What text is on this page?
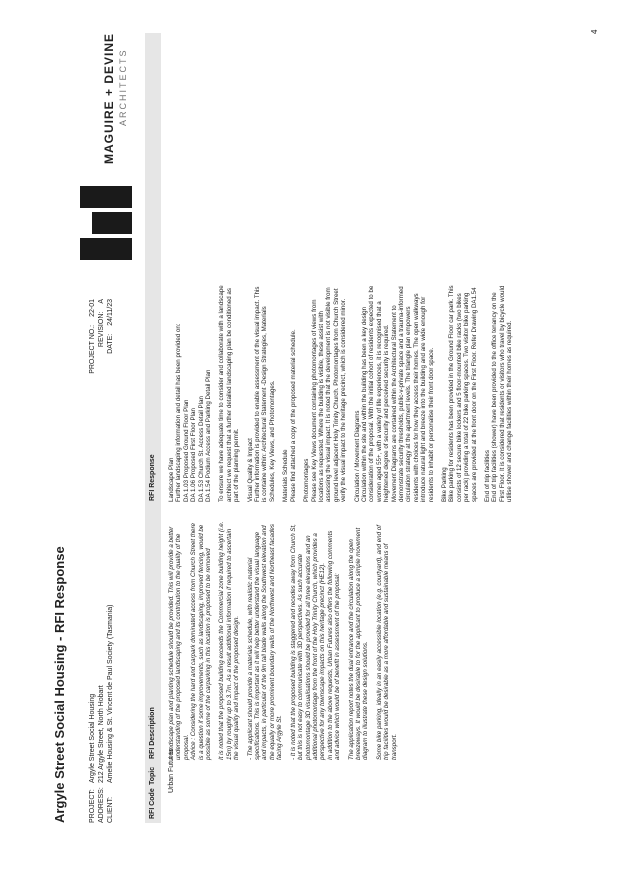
Argyle Street Social Housing - RFI Response	PROJECT:
Argyle Street Social Housing
ADDRESS:
212 Argyle Street, North Hobart
CLIENT:
Amelie Housing & St. Vincent de Paul Society (Tasmania)
PROJECT NO.:
22-01
REVISION:
A
DATE:
24/11/23
MAGUIRE + DEVINE ARCHITECTS
RFI Code
Topic
RFI Description
RFI Response
Urban Futures
A landscape plan and planting schedule should be provided. This will provide a better understanding of the proposed landscaping and its contribution to the quality of the proposal.
Advice : Considering the hard and carpark dominated access from Church Street there is a question if some improvements, such as landscaping, improved fencing, would be possible as some of the carparking in this location is proposed to be removed It is noted that the proposed building exceeds the Commercial zone building height (i.e. 15m) by roughly up to 3.7m. As a result additional information if required to ascertain the visual quality and impact of the proposed design. - The applicant should provide a materials schedule, with realistic material specifications. This is important as it will help better understand the visual language and impacts, in particular of the 9m tall blade walls along the Southwest elevation and the equally or more prominent boundary walls of the Northwest and Northeast facades facing Argyle St. - It is noted that the proposed building is staggered and recedes away from Church St, but this is not easy to communicate with 3D perspectives. As such accurate photomontage 3D visualisations should be provided for all three elevations and an additional photomontage from the front of the Holy Trinity Church, which provides a perspective for any townscape impacts on this heritage precinct (HE12).
In addition to the above requests, Urban Futures also offers the following comments and advice which would be of benefit in assessment of the proposal: The application report notes the dual entrance and the circulation along the open breezeways. It would be desirable to for the applicant to produce a simple movement diagram to illustrate these design solutions. Some bike parking, ideally in an easily accessible location (e.g. courtyard), and end of trip facilities would be desirable as a more affordable and sustainable means of transport.
Landscape Plan
Further landscaping information and detail has been provided on:
DA 1.03 Proposed Ground Floor Plan
DA 1.06 Proposed First Floor Plan
DA 1.53 Church St. Access Detail Plan
DA 1.54 Podium Access and Parking Detail Plan To ensure we have adequate time to consider and collaborate with a landscape architect we request that a further detailed landscaping plan be conditioned as part of the planning permit. Visual Quality & Impact
Further information is provided to enable assessment of the visual impact. This is containe within: Architectural Statement -Design Strategies, Materials Schedules, Key Views, and Photomontages.
Materials Schedule
Please find attached a copy of the proposed material schedule.
Photomontages
Please see Key Views document containing photomontages of views from locations as requested. Where the building is visible, these assist with assessing the visual impact. It is noted that the development is not visible from ground level adjacent Holy Trinity Church. Photomontages from Church Street verify the visual impact to the heritage precinct, which is considered minor.
Circulation / Movement Diagrams
Circulation within the site and within the building has been a key design consideration of the proposal. With the initial cohort of residents expected to be women aged 55+, with a variety of life experiences, it is recognised that a heightened degree of security and perceived security is required.
Movement Diagrams are contained within the Architectural Statement to demonstrate security thresholds, public-v-private space and a trauma-informed circulation strategy at the apartment levels. The triangle plan empowers residents with choices for how they access their homes. The open walkways introduce natural light and breeze into the building and are wide enough for residents to inhabit or personalise their front door space.
Bike Parking
Bike parking for residents has been provided in the Ground Floor car park. This consists of 12 secure bike lockers and 5 floor-mounted bike racks (two bikes per rack) providing a total of 22 bike parking spaces. Two visitor bike parking spaces are provided at the front door on the First Floor. Refer Drawing DA1.54
End of trip facilities
End of trip facilities (shower) have been provided to the office tenancy on the First Floor. It is considered that residents or visitors who travel by bicycle would utilise shower and change facilities within their homes as required.
4
